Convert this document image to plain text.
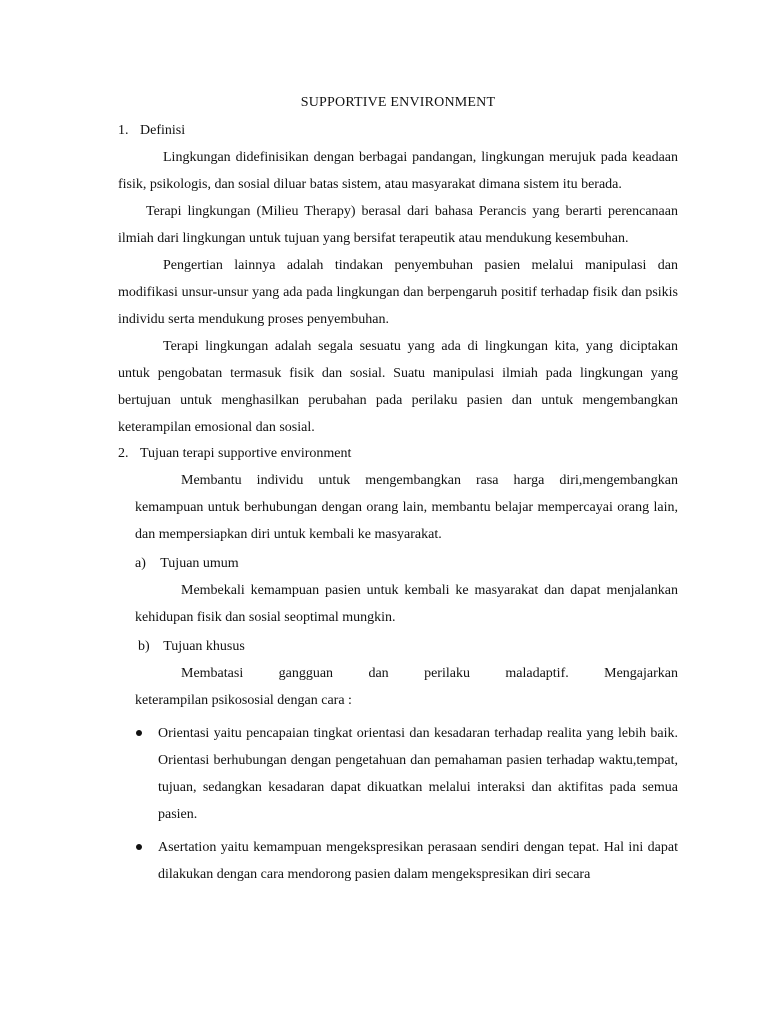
SUPPORTIVE ENVIRONMENT
1. Definisi

Lingkungan didefinisikan dengan berbagai pandangan, lingkungan merujuk pada keadaan fisik, psikologis, dan sosial diluar batas sistem, atau masyarakat dimana sistem itu berada.

Terapi lingkungan (Milieu Therapy) berasal dari bahasa Perancis yang berarti perencanaan ilmiah dari lingkungan untuk tujuan yang bersifat terapeutik atau mendukung kesembuhan.

Pengertian lainnya adalah tindakan penyembuhan pasien melalui manipulasi dan modifikasi unsur-unsur yang ada pada lingkungan dan berpengaruh positif terhadap fisik dan psikis individu serta mendukung proses penyembuhan.

Terapi lingkungan adalah segala sesuatu yang ada di lingkungan kita, yang diciptakan untuk pengobatan termasuk fisik dan sosial. Suatu manipulasi ilmiah pada lingkungan yang bertujuan untuk menghasilkan perubahan pada perilaku pasien dan untuk mengembangkan keterampilan emosional dan sosial.

2. Tujuan terapi supportive environment

Membantu individu untuk mengembangkan rasa harga diri,mengembangkan kemampuan untuk berhubungan dengan orang lain, membantu belajar mempercayai orang lain, dan mempersiapkan diri untuk kembali ke masyarakat.

a) Tujuan umum

Membekali kemampuan pasien untuk kembali ke masyarakat dan dapat menjalankan kehidupan fisik dan sosial seoptimal mungkin.

b) Tujuan khusus

Membatasi gangguan dan perilaku maladaptif. Mengajarkan

keterampilan psikososial dengan cara :

Orientasi yaitu pencapaian tingkat orientasi dan kesadaran terhadap realita yang lebih baik. Orientasi berhubungan dengan pengetahuan dan pemahaman pasien terhadap waktu,tempat, tujuan, sedangkan kesadaran dapat dikuatkan melalui interaksi dan aktifitas pada semua pasien.

Asertation yaitu kemampuan mengekspresikan perasaan sendiri dengan tepat. Hal ini dapat dilakukan dengan cara mendorong pasien dalam mengekspresikan diri secara
